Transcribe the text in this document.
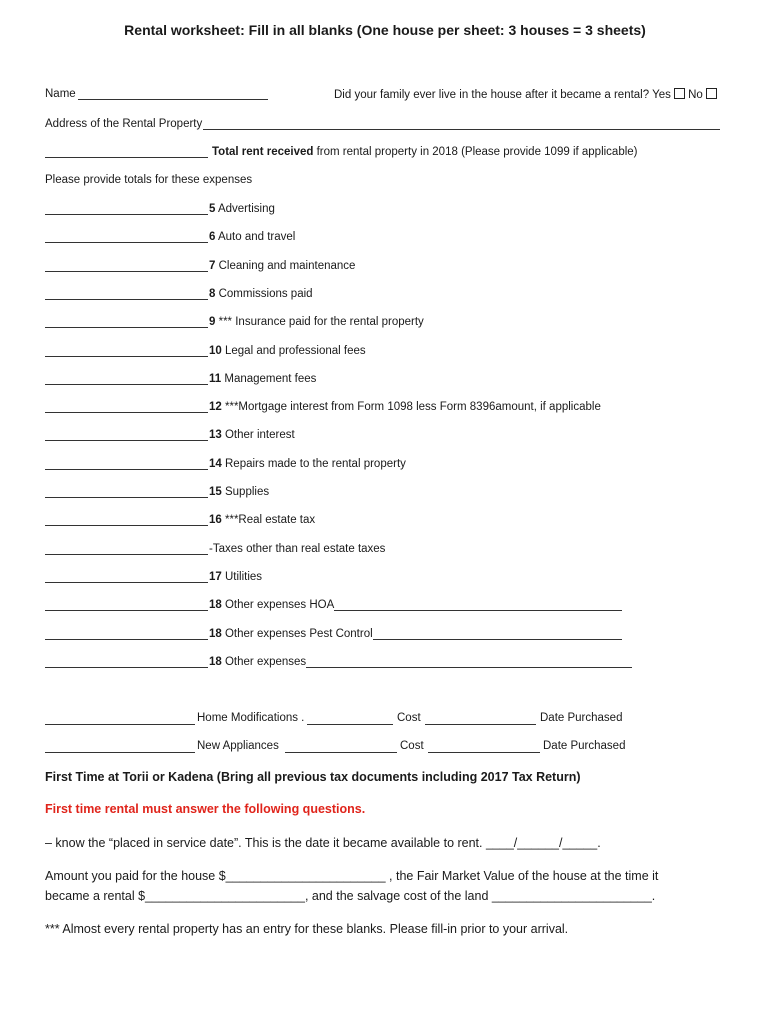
Rental worksheet: Fill in all blanks (One house per sheet: 3 houses = 3 sheets)
Name	Did your family ever live in the house after it became a rental? Yes No
Address of the Rental Property
Total rent received from rental property in 2018 (Please provide 1099 if applicable)
Please provide totals for these expenses
5 Advertising
6 Auto and travel
7 Cleaning and maintenance
8 Commissions paid
9 *** Insurance paid for the rental property
10 Legal and professional fees
11 Management fees
12 ***Mortgage interest from Form 1098 less Form 8396amount, if applicable
13 Other interest
14 Repairs made to the rental property
15 Supplies
16 ***Real estate tax
-Taxes other than real estate taxes
17 Utilities
18 Other expenses HOA
18 Other expenses Pest Control
18 Other expenses
Home Modifications .	Cost	Date Purchased
New Appliances	Cost	Date Purchased
First Time at Torii or Kadena (Bring all previous tax documents including 2017 Tax Return)
First time rental must answer the following questions.
– know the “placed in service date”. This is the date it became available to rent. ____/______/_____.
Amount you paid for the house $_______________________ , the Fair Market Value of the house at the time it
became a rental $_______________________, and the salvage cost of the land _______________________.
*** Almost every rental property has an entry for these blanks. Please fill-in prior to your arrival.
